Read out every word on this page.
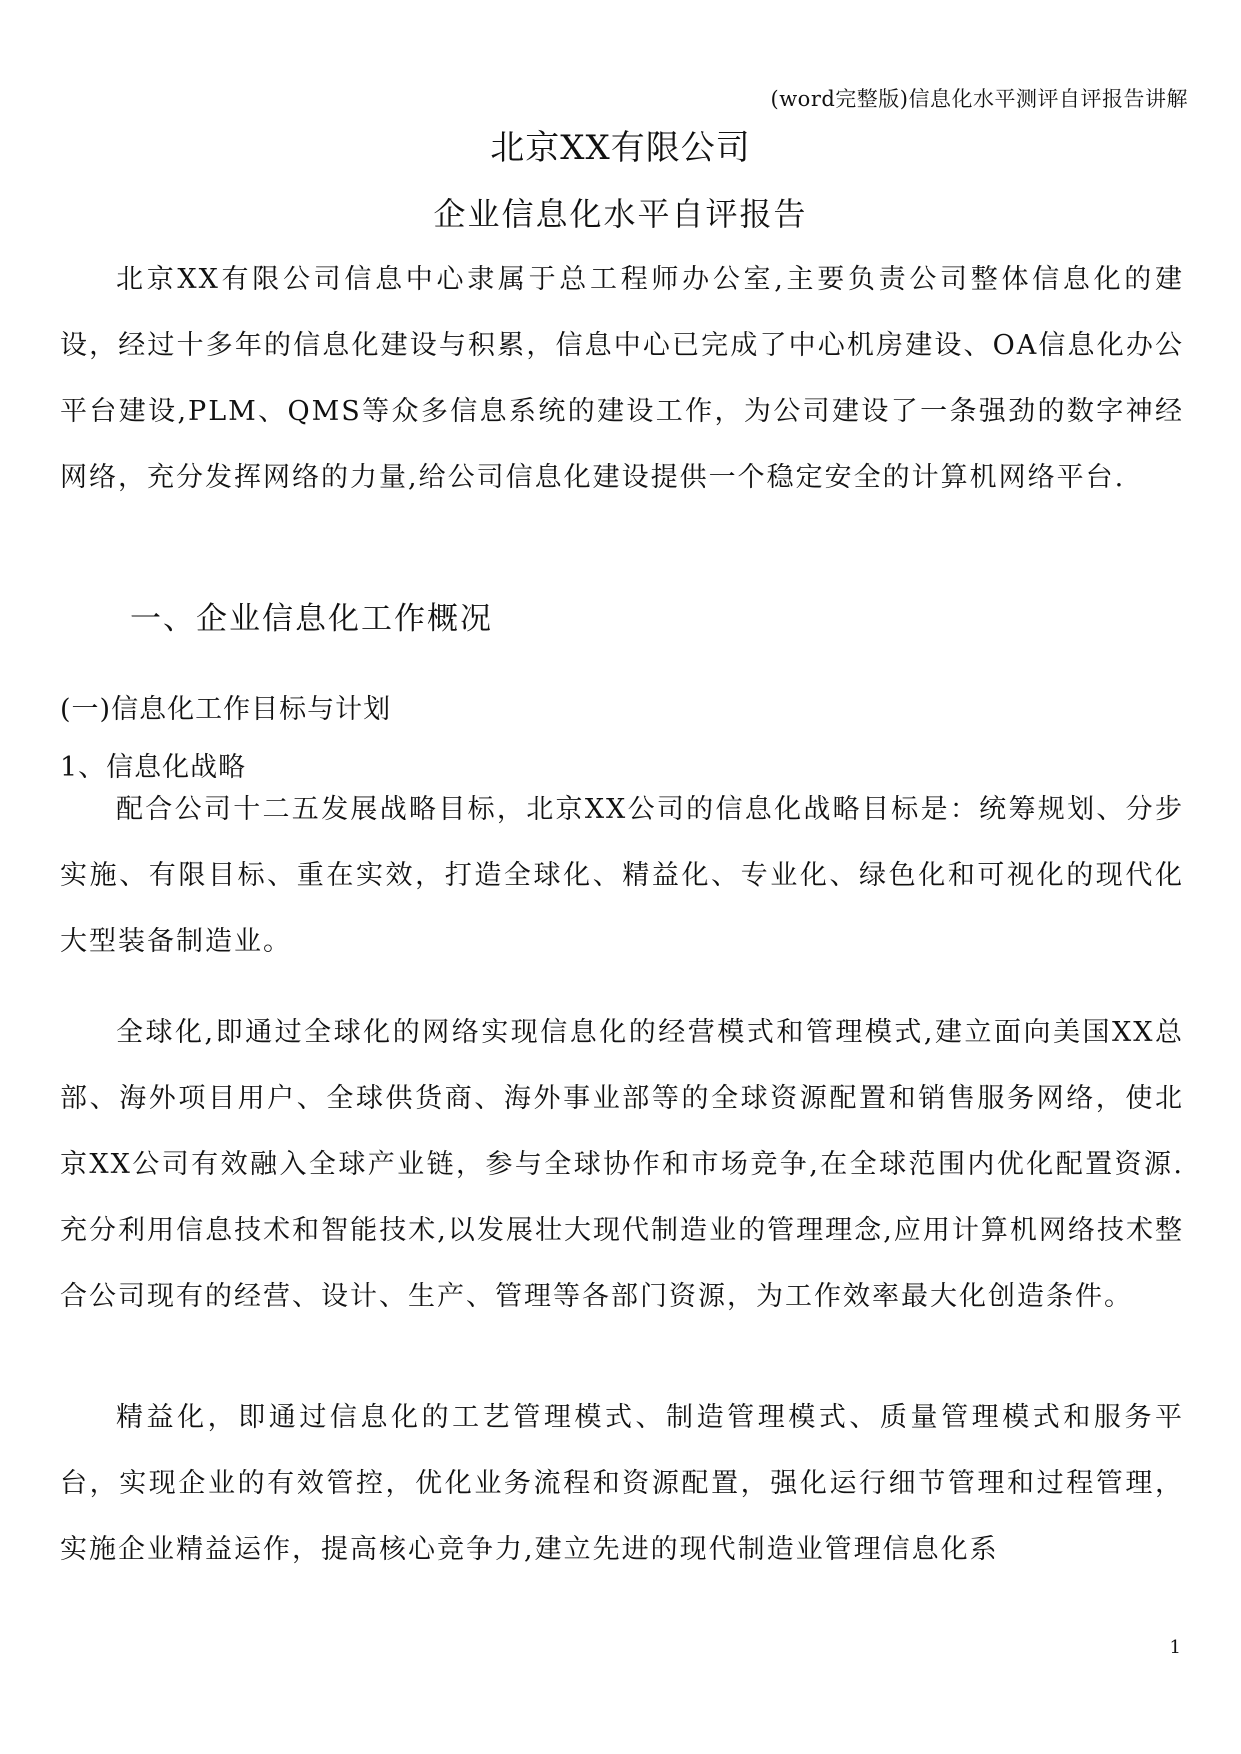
(word完整版)信息化水平测评自评报告讲解
北京XX有限公司
企业信息化水平自评报告

北京XX有限公司信息中心隶属于总工程师办公室,主要负责公司整体信息化的建设，经过十多年的信息化建设与积累，信息中心已完成了中心机房建设、OA信息化办公平台建设,PLM、QMS等众多信息系统的建设工作，为公司建设了一条强劲的数字神经网络，充分发挥网络的力量,给公司信息化建设提供一个稳定安全的计算机网络平台.

一、企业信息化工作概况
(一)信息化工作目标与计划
1、信息化战略

配合公司十二五发展战略目标，北京XX公司的信息化战略目标是：统筹规划、分步实施、有限目标、重在实效，打造全球化、精益化、专业化、绿色化和可视化的现代化大型装备制造业。

全球化,即通过全球化的网络实现信息化的经营模式和管理模式,建立面向美国XX总部、海外项目用户、全球供货商、海外事业部等的全球资源配置和销售服务网络，使北京XX公司有效融入全球产业链，参与全球协作和市场竞争,在全球范围内优化配置资源.充分利用信息技术和智能技术,以发展壮大现代制造业的管理理念,应用计算机网络技术整合公司现有的经营、设计、生产、管理等各部门资源，为工作效率最大化创造条件。

精益化，即通过信息化的工艺管理模式、制造管理模式、质量管理模式和服务平台，实现企业的有效管控，优化业务流程和资源配置，强化运行细节管理和过程管理，实施企业精益运作，提高核心竞争力,建立先进的现代制造业管理信息化系

1
